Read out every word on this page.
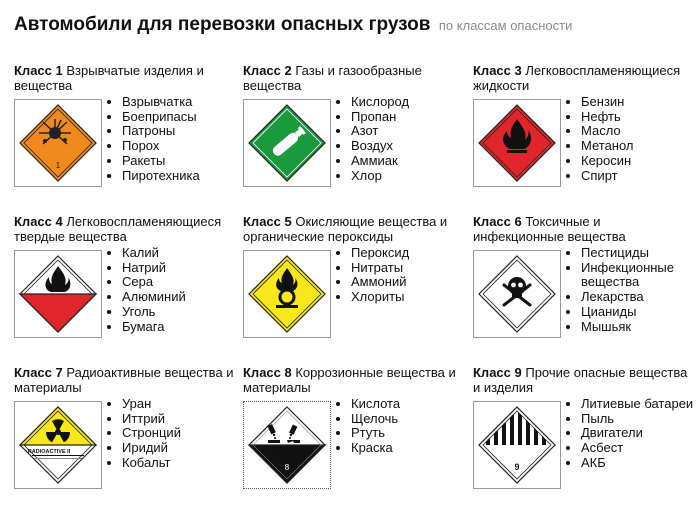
Автомобили для перевозки опасных грузов по классам опасности
Класс 1 Взрывчатые изделия и вещества
1
• Взрывчатка
• Боеприпасы
• Патроны
• Порох
• Ракеты
• Пиротехника
Класс 2 Газы и газообразные вещества
• Кислород
• Пропан
• Азот
• Воздух
• Аммиак
• Хлор
Класс 3 Легковоспламеняющиеся жидкости
• Бензин
• Нефть
• Масло
• Метанол
• Керосин
• Спирт
Класс 4 Легковоспламеняющиеся твердые вещества
• Калий
• Натрий
• Сера
• Алюминий
• Уголь
• Бумага
Класс 5 Окисляющие вещества и органические пероксиды
• Пероксид
• Нитраты
• Аммоний
• Хлориты
Класс 6 Токсичные и инфекционные вещества
• Пестициды
• Инфекционные вещества
• Лекарства
• Цианиды
• Мышьяк
Класс 7 Радиоактивные вещества и материалы
RADIOACTIVE II
• Уран
• Иттрий
• Стронций
• Иридий
• Кобальт
Класс 8 Коррозионные вещества и материалы
8
• Кислота
• Щелочь
• Ртуть
• Краска
Класс 9 Прочие опасные вещества и изделия
9
• Литиевые батареи
• Пыль
• Двигатели
• Асбест
• АКБ
